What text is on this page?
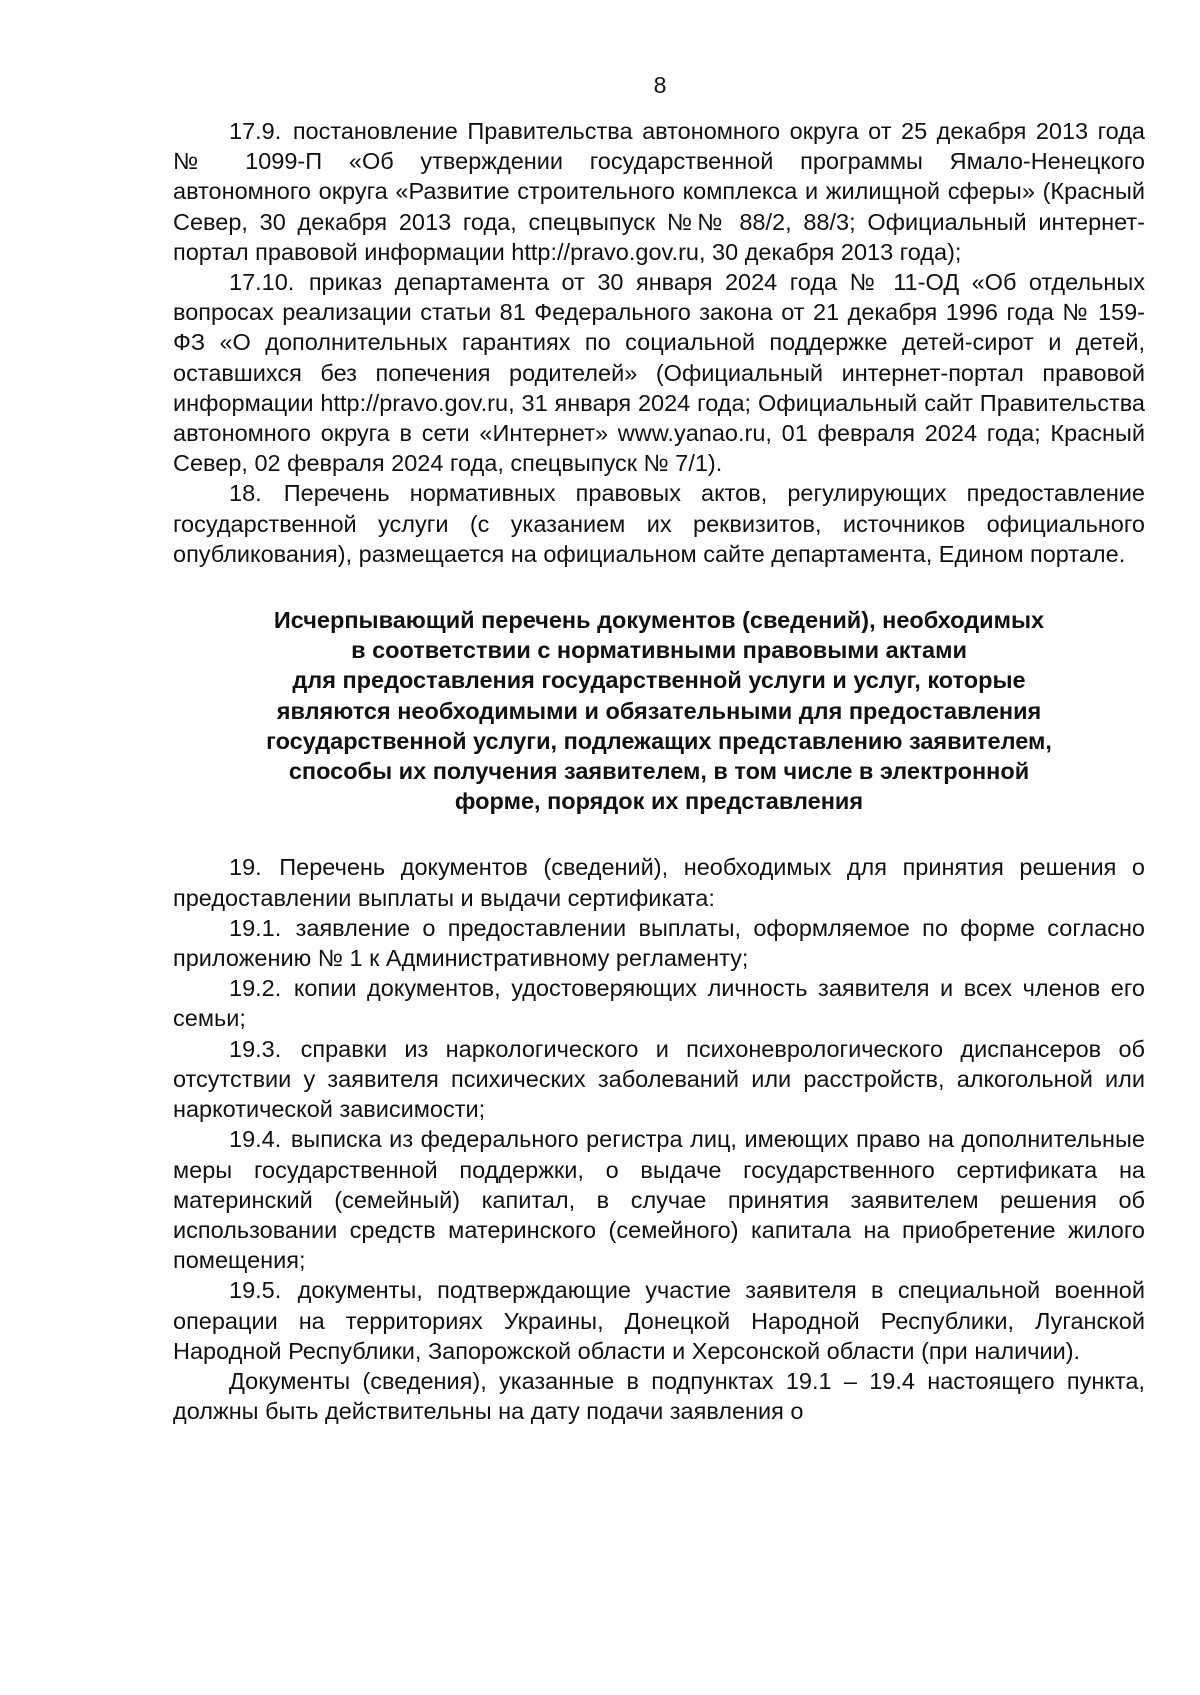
8

17.9. постановление Правительства автономного округа от 25 декабря 2013 года № 1099-П «Об утверждении государственной программы Ямало-Ненецкого автономного округа «Развитие строительного комплекса и жилищной сферы» (Красный Север, 30 декабря 2013 года, спецвыпуск №№ 88/2, 88/3; Официальный интернет-портал правовой информации http://pravo.gov.ru, 30 декабря 2013 года);

17.10. приказ департамента от 30 января 2024 года № 11-ОД «Об отдельных вопросах реализации статьи 81 Федерального закона от 21 декабря 1996 года № 159-ФЗ «О дополнительных гарантиях по социальной поддержке детей-сирот и детей, оставшихся без попечения родителей» (Официальный интернет-портал правовой информации http://pravo.gov.ru, 31 января 2024 года; Официальный сайт Правительства автономного округа в сети «Интернет» www.yanao.ru, 01 февраля 2024 года; Красный Север, 02 февраля 2024 года, спецвыпуск № 7/1).

18. Перечень нормативных правовых актов, регулирующих предоставление государственной услуги (с указанием их реквизитов, источников официального опубликования), размещается на официальном сайте департамента, Едином портале.

Исчерпывающий перечень документов (сведений), необходимых
в соответствии с нормативными правовыми актами
для предоставления государственной услуги и услуг, которые
являются необходимыми и обязательными для предоставления
государственной услуги, подлежащих представлению заявителем,
способы их получения заявителем, в том числе в электронной
форме, порядок их представления

19. Перечень документов (сведений), необходимых для принятия решения о предоставлении выплаты и выдачи сертификата:

19.1. заявление о предоставлении выплаты, оформляемое по форме согласно приложению № 1 к Административному регламенту;

19.2. копии документов, удостоверяющих личность заявителя и всех членов его семьи;

19.3. справки из наркологического и психоневрологического диспансеров об отсутствии у заявителя психических заболеваний или расстройств, алкогольной или наркотической зависимости;

19.4. выписка из федерального регистра лиц, имеющих право на дополнительные меры государственной поддержки, о выдаче государственного сертификата на материнский (семейный) капитал, в случае принятия заявителем решения об использовании средств материнского (семейного) капитала на приобретение жилого помещения;

19.5. документы, подтверждающие участие заявителя в специальной военной операции на территориях Украины, Донецкой Народной Республики, Луганской Народной Республики, Запорожской области и Херсонской области (при наличии).

Документы (сведения), указанные в подпунктах 19.1 – 19.4 настоящего пункта, должны быть действительны на дату подачи заявления о
